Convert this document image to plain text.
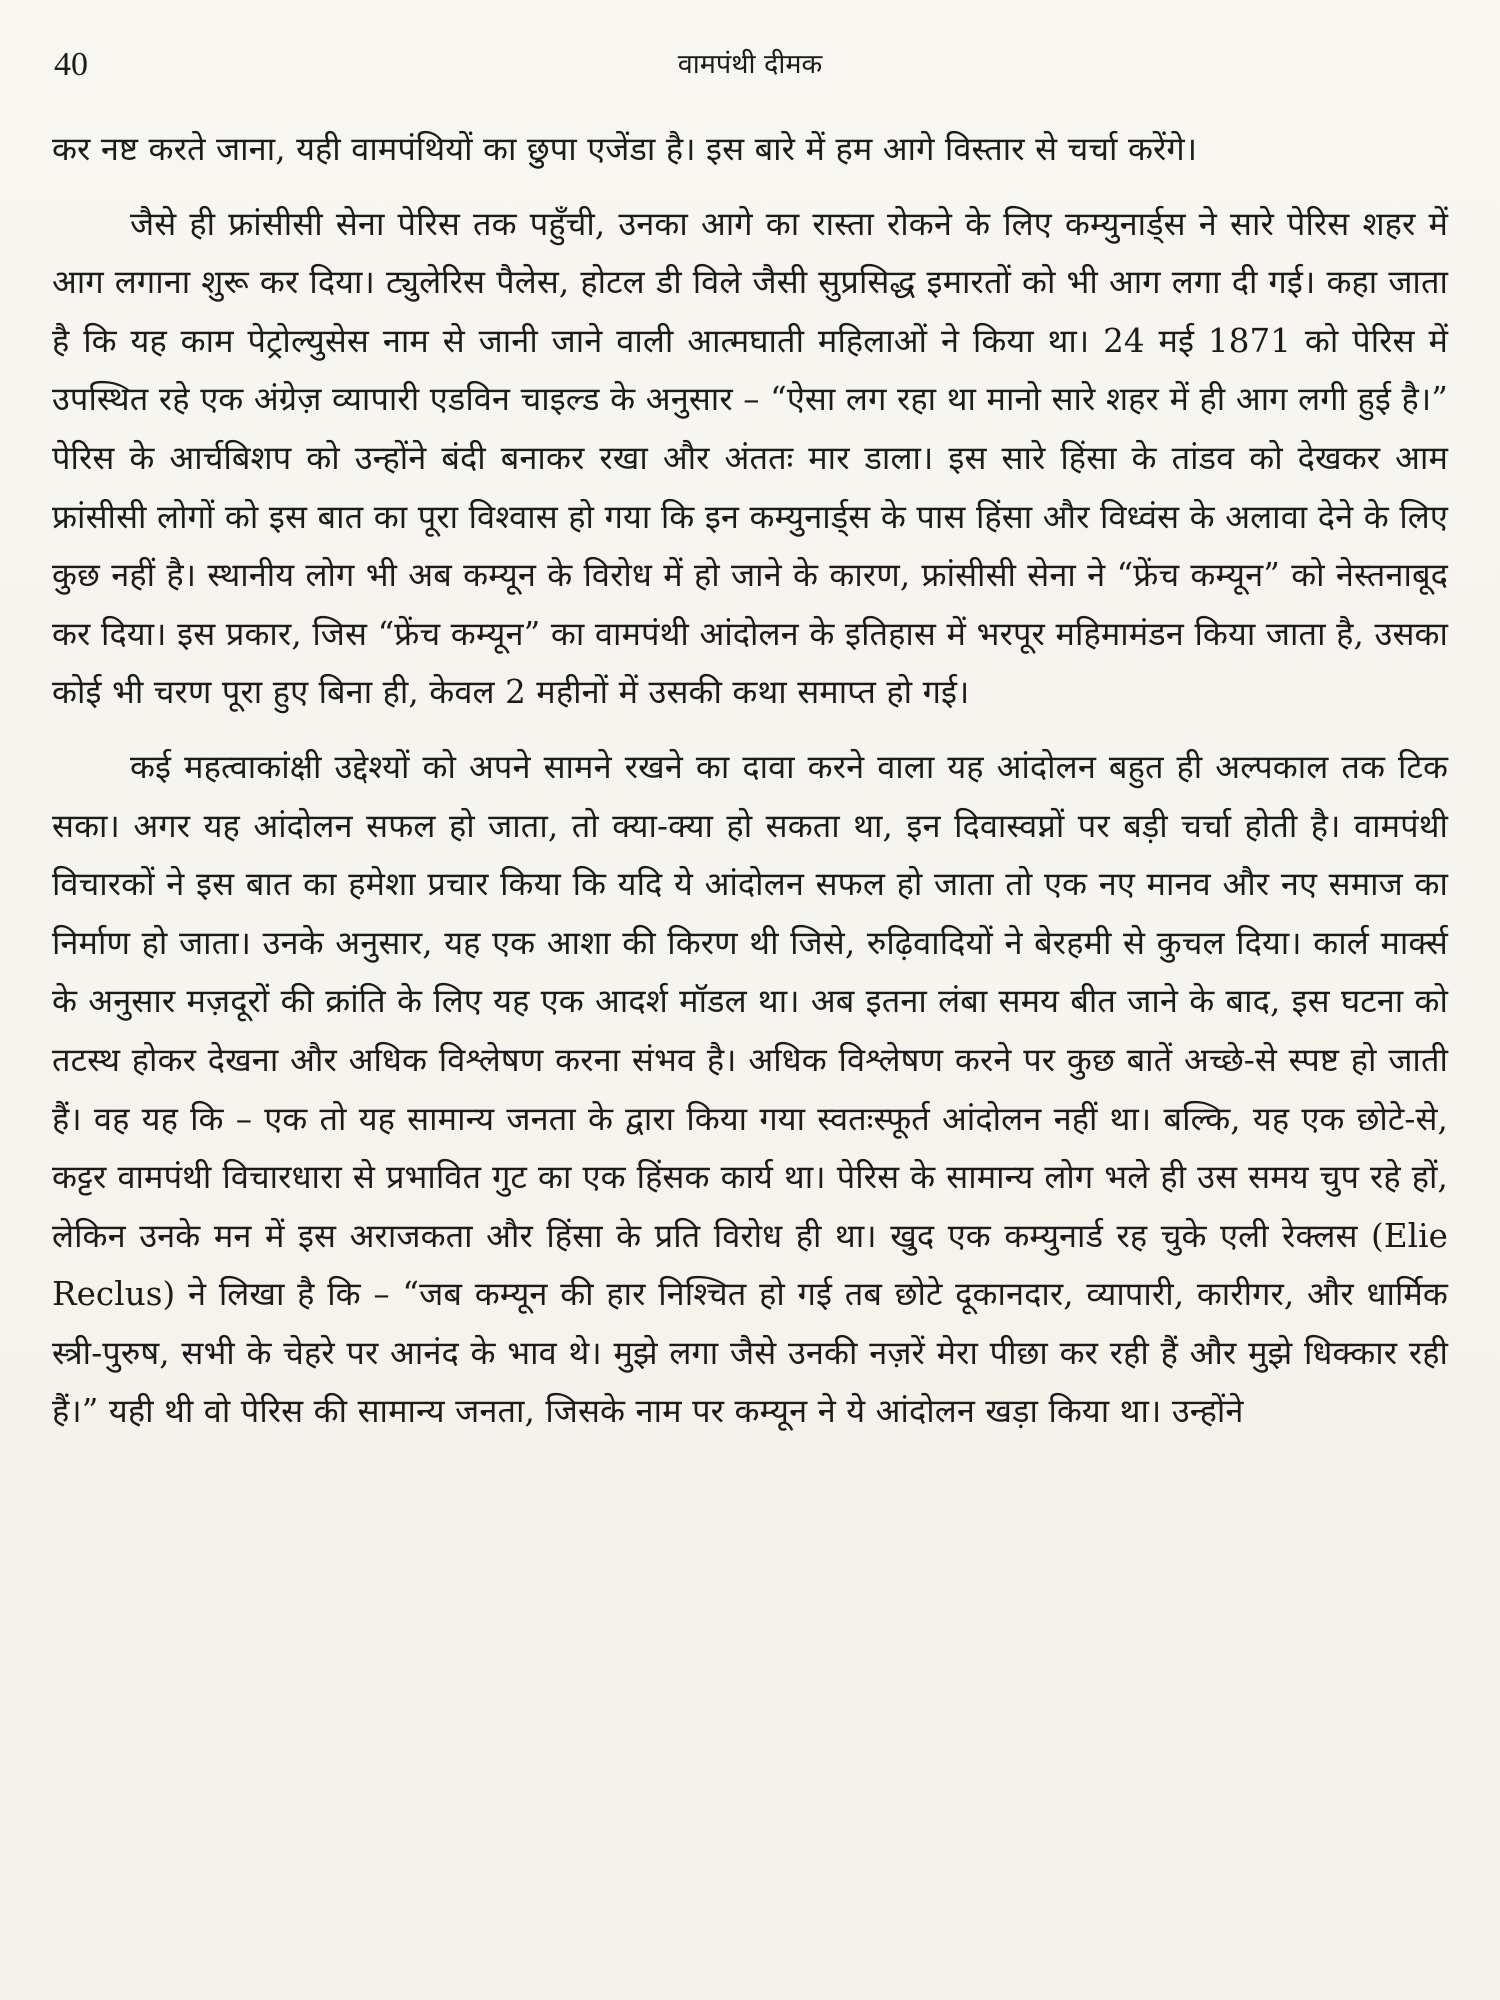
40	वामपंथी दीमक

कर नष्ट करते जाना, यही वामपंथियों का छुपा एजेंडा है। इस बारे में हम आगे विस्तार से चर्चा करेंगे।

जैसे ही फ्रांसीसी सेना पेरिस तक पहुँची, उनका आगे का रास्ता रोकने के लिए कम्युनार्ड्स ने सारे पेरिस शहर में आग लगाना शुरू कर दिया। ट्युलेरिस पैलेस, होटल डी विले जैसी सुप्रसिद्ध इमारतों को भी आग लगा दी गई। कहा जाता है कि यह काम पेट्रोल्युसेस नाम से जानी जाने वाली आत्मघाती महिलाओं ने किया था। 24 मई 1871 को पेरिस में उपस्थित रहे एक अंग्रेज़ व्यापारी एडविन चाइल्ड के अनुसार – “ऐसा लग रहा था मानो सारे शहर में ही आग लगी हुई है।” पेरिस के आर्चबिशप को उन्होंने बंदी बनाकर रखा और अंततः मार डाला। इस सारे हिंसा के तांडव को देखकर आम फ्रांसीसी लोगों को इस बात का पूरा विश्वास हो गया कि इन कम्युनार्ड्स के पास हिंसा और विध्वंस के अलावा देने के लिए कुछ नहीं है। स्थानीय लोग भी अब कम्यून के विरोध में हो जाने के कारण, फ्रांसीसी सेना ने “फ्रेंच कम्यून” को नेस्तनाबूद कर दिया। इस प्रकार, जिस “फ्रेंच कम्यून” का वामपंथी आंदोलन के इतिहास में भरपूर महिमामंडन किया जाता है, उसका कोई भी चरण पूरा हुए बिना ही, केवल 2 महीनों में उसकी कथा समाप्त हो गई।

कई महत्वाकांक्षी उद्देश्यों को अपने सामने रखने का दावा करने वाला यह आंदोलन बहुत ही अल्पकाल तक टिक सका। अगर यह आंदोलन सफल हो जाता, तो क्या-क्या हो सकता था, इन दिवास्वप्नों पर बड़ी चर्चा होती है। वामपंथी विचारकों ने इस बात का हमेशा प्रचार किया कि यदि ये आंदोलन सफल हो जाता तो एक नए मानव और नए समाज का निर्माण हो जाता। उनके अनुसार, यह एक आशा की किरण थी जिसे, रुढ़िवादियों ने बेरहमी से कुचल दिया। कार्ल मार्क्स के अनुसार मज़दूरों की क्रांति के लिए यह एक आदर्श मॉडल था। अब इतना लंबा समय बीत जाने के बाद, इस घटना को तटस्थ होकर देखना और अधिक विश्लेषण करना संभव है। अधिक विश्लेषण करने पर कुछ बातें अच्छे-से स्पष्ट हो जाती हैं। वह यह कि – एक तो यह सामान्य जनता के द्वारा किया गया स्वतःस्फूर्त आंदोलन नहीं था। बल्कि, यह एक छोटे-से, कट्टर वामपंथी विचारधारा से प्रभावित गुट का एक हिंसक कार्य था। पेरिस के सामान्य लोग भले ही उस समय चुप रहे हों, लेकिन उनके मन में इस अराजकता और हिंसा के प्रति विरोध ही था। खुद एक कम्युनार्ड रह चुके एली रेक्लस (Elie Reclus) ने लिखा है कि – “जब कम्यून की हार निश्चित हो गई तब छोटे दूकानदार, व्यापारी, कारीगर, और धार्मिक स्त्री-पुरुष, सभी के चेहरे पर आनंद के भाव थे। मुझे लगा जैसे उनकी नज़रें मेरा पीछा कर रही हैं और मुझे धिक्कार रही हैं।” यही थी वो पेरिस की सामान्य जनता, जिसके नाम पर कम्यून ने ये आंदोलन खड़ा किया था। उन्होंने
